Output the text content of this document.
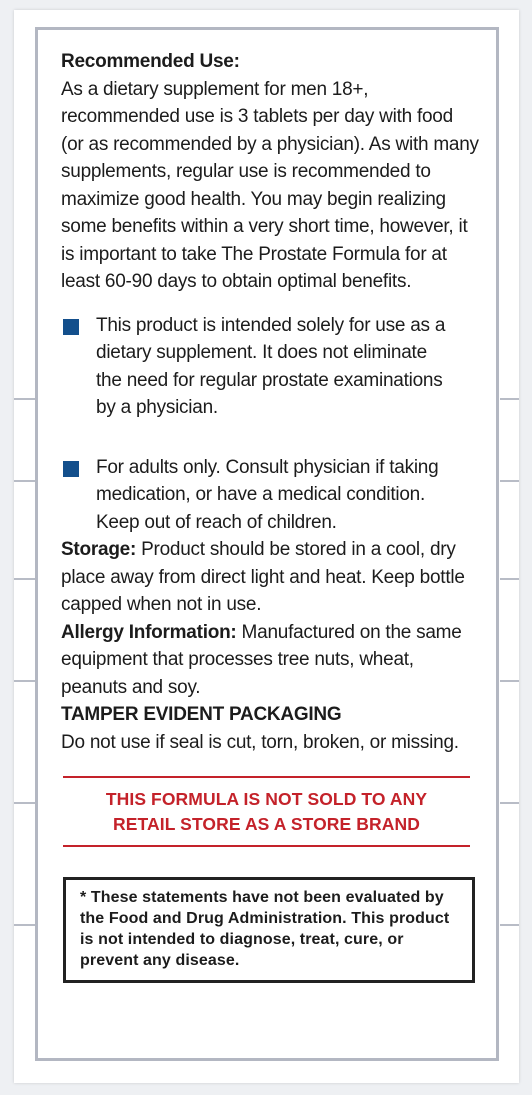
Recommended Use:

As a dietary supplement for men 18+, recommended use is 3 tablets per day with food (or as recommended by a physician). As with many supplements, regular use is recommended to maximize good health. You may begin realizing some benefits within a very short time, however, it is important to take The Prostate Formula for at least 60-90 days to obtain optimal benefits.

This product is intended solely for use as a dietary supplement. It does not eliminate the need for regular prostate examinations by a physician.
For adults only. Consult physician if taking medication, or have a medical condition. Keep out of reach of children.

Storage: Product should be stored in a cool, dry place away from direct light and heat. Keep bottle capped when not in use.

Allergy Information: Manufactured on the same equipment that processes tree nuts, wheat, peanuts and soy.

TAMPER EVIDENT PACKAGING

Do not use if seal is cut, torn, broken, or missing.

THIS FORMULA IS NOT SOLD TO ANY
RETAIL STORE AS A STORE BRAND
* These statements have not been evaluated by the Food and Drug Administration. This product is not intended to diagnose, treat, cure, or prevent any disease.
